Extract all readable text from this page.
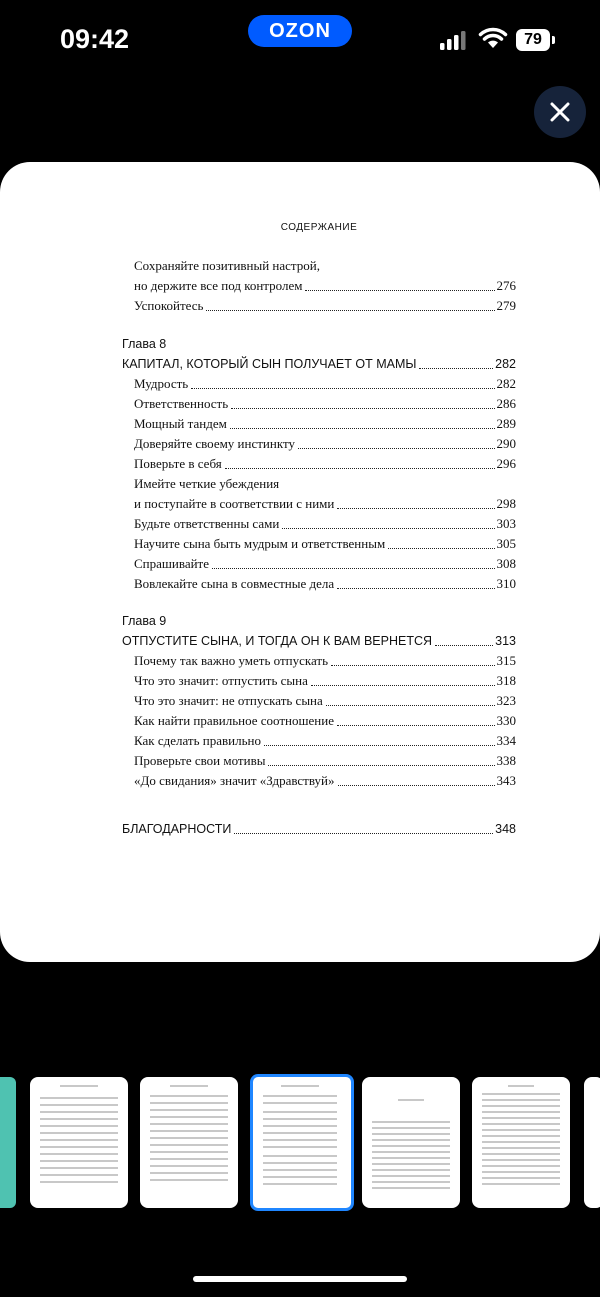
09:42	OZON	79
СОДЕРЖАНИЕ
Сохраняйте позитивный настрой,
но держите все под контролем	276
Успокойтесь	279
Глава 8
КАПИТАЛ, КОТОРЫЙ СЫН ПОЛУЧАЕТ ОТ МАМЫ	282
Мудрость	282
Ответственность	286
Мощный тандем	289
Доверяйте своему инстинкту	290
Поверьте в себя	296
Имейте четкие убеждения
и поступайте в соответствии с ними	298
Будьте ответственны сами	303
Научите сына быть мудрым и ответственным	305
Спрашивайте	308
Вовлекайте сына в совместные дела	310
Глава 9
ОТПУСТИТЕ СЫНА, И ТОГДА ОН К ВАМ ВЕРНЕТСЯ	313
Почему так важно уметь отпускать	315
Что это значит: отпустить сына	318
Что это значит: не отпускать сына	323
Как найти правильное соотношение	330
Как сделать правильно	334
Проверьте свои мотивы	338
«До свидания» значит «Здравствуй»	343
БЛАГОДАРНОСТИ	348
